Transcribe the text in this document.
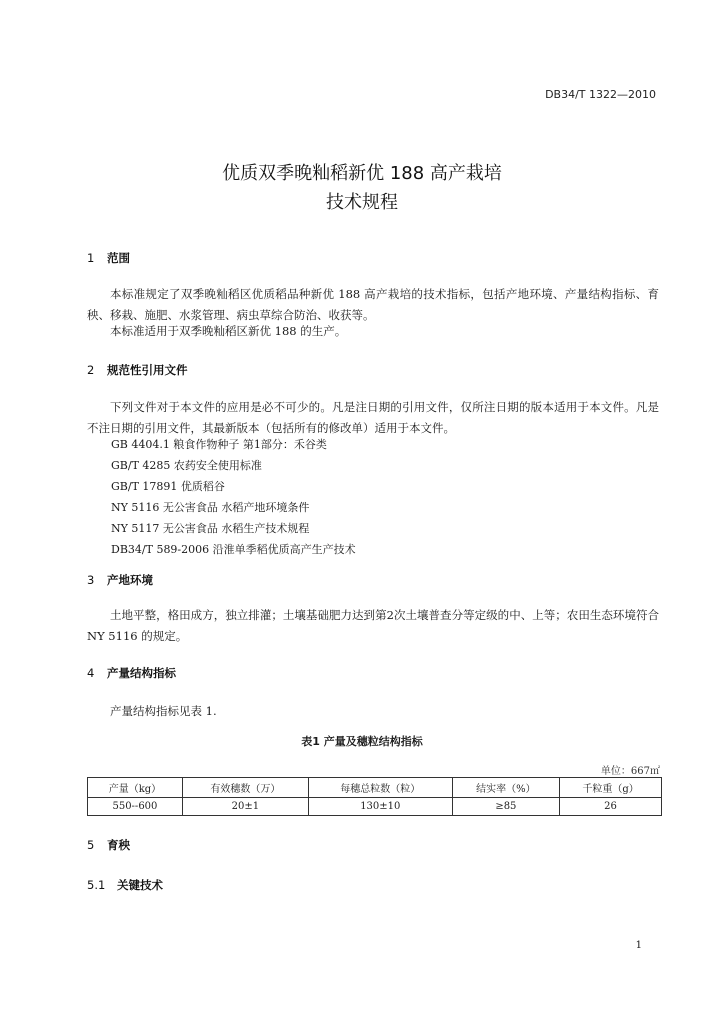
DB34/T 1322—2010
优质双季晚籼稻新优 188 高产栽培
技术规程
1 范围
本标准规定了双季晚籼稻区优质稻品种新优 188 高产栽培的技术指标，包括产地环境、产量结构指标、育秧、移栽、施肥、水浆管理、病虫草综合防治、收获等。
本标准适用于双季晚籼稻区新优 188 的生产。
2 规范性引用文件
下列文件对于本文件的应用是必不可少的。凡是注日期的引用文件，仅所注日期的版本适用于本文件。凡是不注日期的引用文件，其最新版本（包括所有的修改单）适用于本文件。
GB 4404.1 粮食作物种子 第1部分：禾谷类
GB/T 4285 农药安全使用标准
GB/T 17891 优质稻谷
NY 5116 无公害食品 水稻产地环境条件
NY 5117 无公害食品 水稻生产技术规程
DB34/T 589-2006 沿淮单季稻优质高产生产技术
3 产地环境
土地平整，格田成方，独立排灌；土壤基础肥力达到第2次土壤普查分等定级的中、上等；农田生态环境符合 NY 5116 的规定。
4 产量结构指标
产量结构指标见表 1.
表1 产量及穗粒结构指标
单位：667㎡
产量（kg）	有效穗数（万）	每穗总粒数（粒）	结实率（%）	千粒重（g）
550--600	20±1	130±10	≥85	26
5 育秧
5.1 关键技术
1
